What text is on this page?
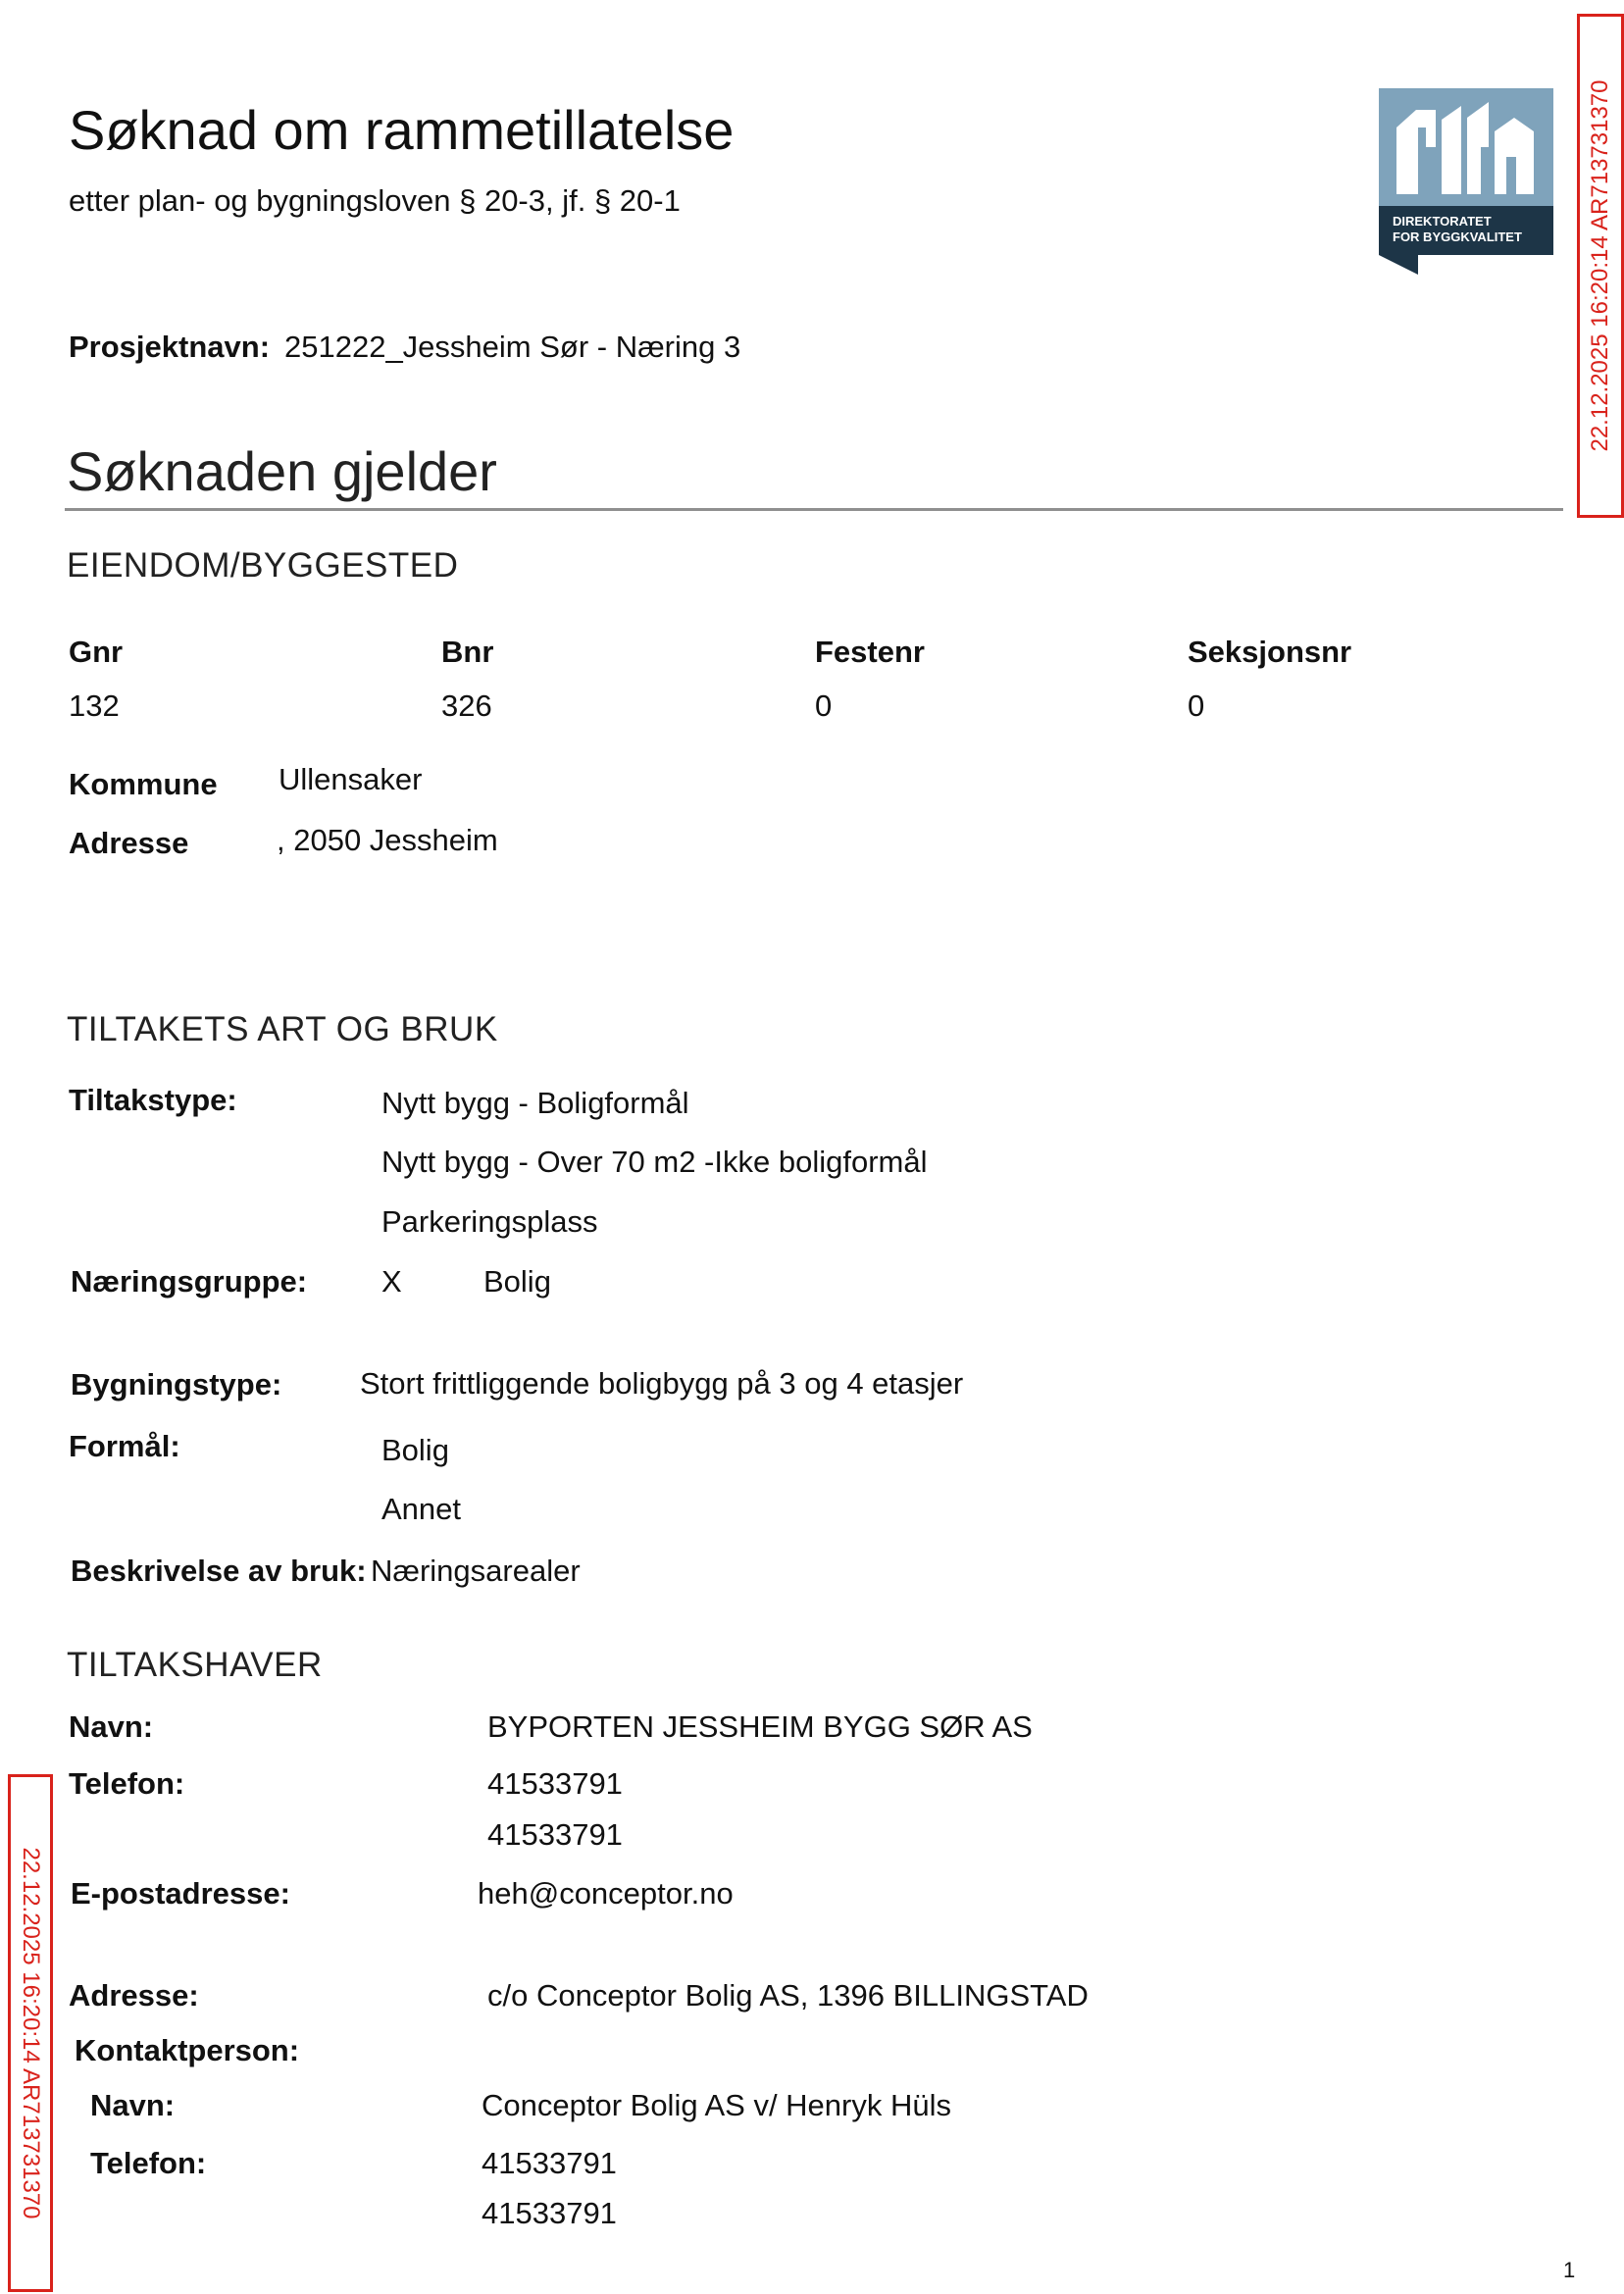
Søknad om rammetillatelse
etter plan- og bygningsloven § 20-3, jf. § 20-1
DIREKTORATET
FOR BYGGKVALITET	22.12.2025 16:20:14 AR713731370
22.12.2025 16:20:14 AR713731370
Prosjektnavn: 251222_Jessheim Sør - Næring 3
Søknaden gjelder
EIENDOM/BYGGESTED
Gnr	Bnr	Festenr	Seksjonsnr
132	326	0	0
Kommune Ullensaker
Adresse	, 2050 Jessheim
TILTAKETS ART OG BRUK
Tiltakstype:	Nytt bygg - Boligformål
Nytt bygg - Over 70 m2 -Ikke boligformål
Parkeringsplass
Næringsgruppe: X	Bolig
Bygningstype:	Stort frittliggende boligbygg på 3 og 4 etasjer
Formål:	Bolig
Annet
Beskrivelse av bruk: Næringsarealer
TILTAKSHAVER
Navn:	BYPORTEN JESSHEIM BYGG SØR AS
Telefon:	41533791
41533791
E-postadresse:	heh@conceptor.no
Adresse:	c/o Conceptor Bolig AS, 1396 BILLINGSTAD
Kontaktperson:
Navn:	Conceptor Bolig AS v/ Henryk Hüls
Telefon:	41533791
41533791
1
